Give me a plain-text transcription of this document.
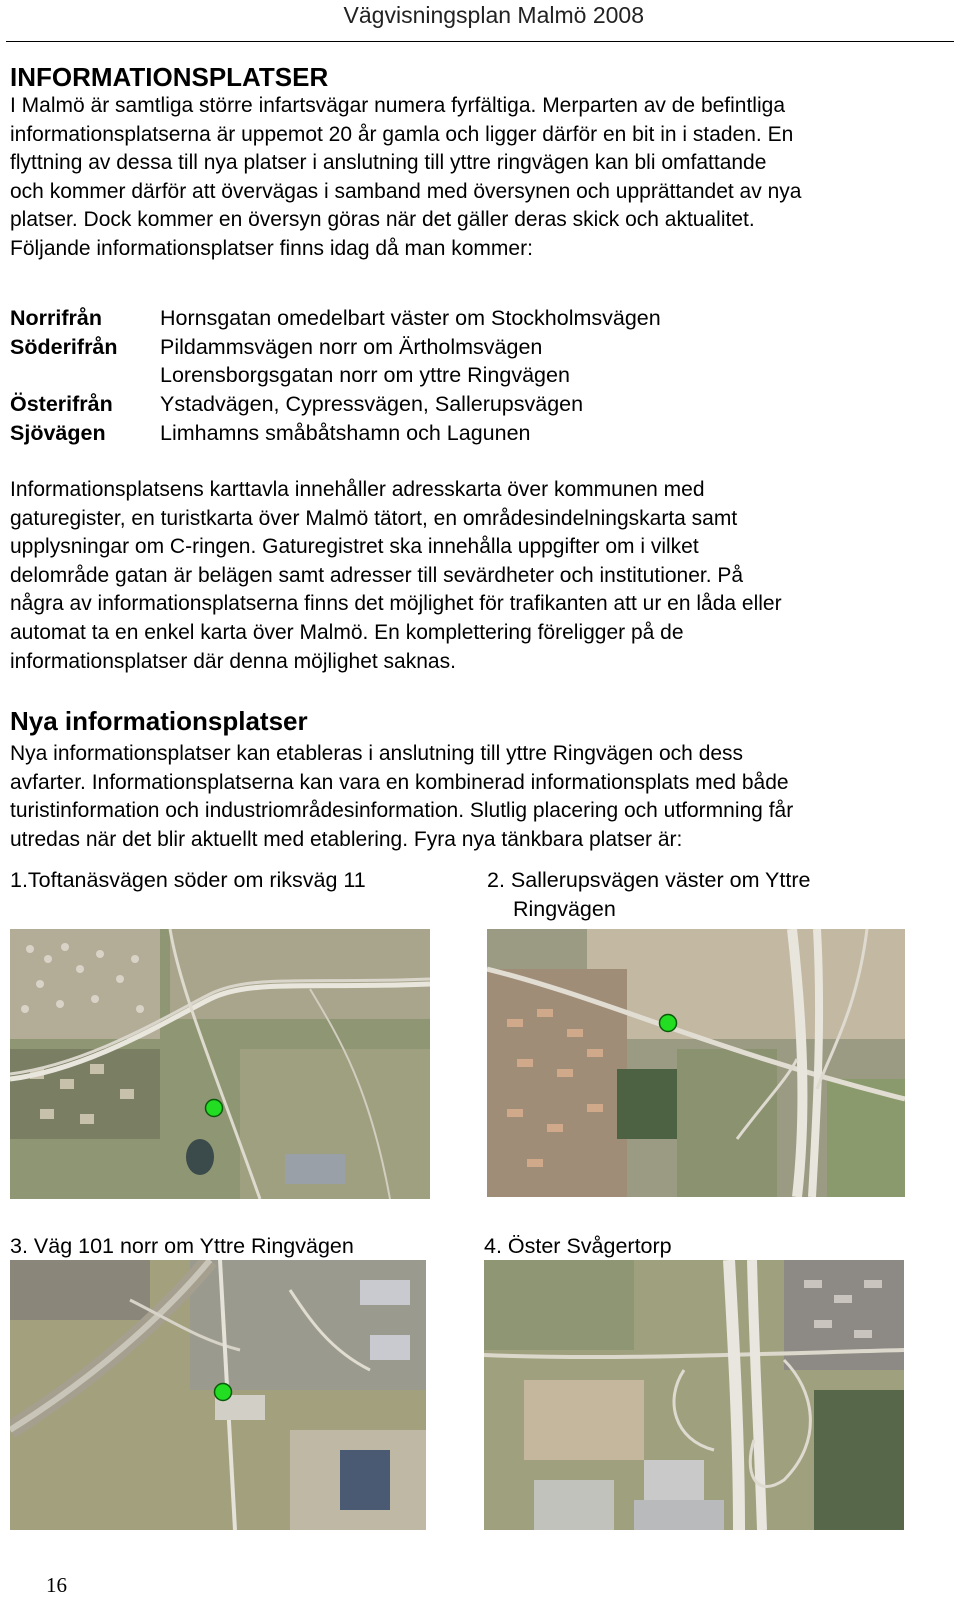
Vägvisningsplan Malmö 2008
INFORMATIONSPLATSER
I Malmö är samtliga större infartsvägar numera fyrfältiga. Merparten av de befintliga
informationsplatserna är uppemot 20 år gamla och ligger därför en bit in i staden. En
flyttning av dessa till nya platser i anslutning till yttre ringvägen kan bli omfattande
och kommer därför att övervägas i samband med översynen och upprättandet av nya
platser. Dock kommer en översyn göras när det gäller deras skick och aktualitet.
Följande informationsplatser finns idag då man kommer:
Norrifrån	Hornsgatan omedelbart väster om Stockholmsvägen
Söderifrån	Pildammsvägen norr om Ärtholmsvägen
Lorensborgsgatan norr om yttre Ringvägen
Österifrån	Ystadvägen, Cypressvägen, Sallerupsvägen
Sjövägen	Limhamns småbåtshamn och Lagunen
Informationsplatsens karttavla innehåller adresskarta över kommunen med
gaturegister, en turistkarta över Malmö tätort, en områdesindelningskarta samt
upplysningar om C-ringen. Gaturegistret ska innehålla uppgifter om i vilket
delområde gatan är belägen samt adresser till sevärdheter och institutioner. På
några av informationsplatserna finns det möjlighet för trafikanten att ur en låda eller
automat ta en enkel karta över Malmö. En komplettering föreligger på de
informationsplatser där denna möjlighet saknas.
Nya informationsplatser
Nya informationsplatser kan etableras i anslutning till yttre Ringvägen och dess
avfarter. Informationsplatserna kan vara en kombinerad informationsplats med både
turistinformation och industriområdesinformation. Slutlig placering och utformning får
utredas när det blir aktuellt med etablering. Fyra nya tänkbara platser är:
1.Toftanäsvägen söder om riksväg 11	2. Sallerupsvägen väster om Yttre
Ringvägen
3. Väg 101 norr om Yttre Ringvägen	4. Öster Svågertorp
16
